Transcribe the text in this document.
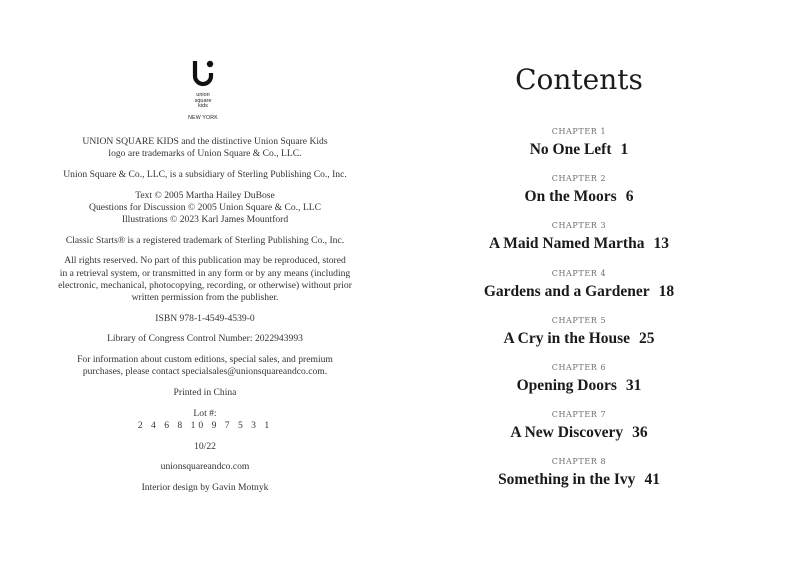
union
square
kids
NEW YORK

UNION SQUARE KIDS and the distinctive Union Square Kids
logo are trademarks of Union Square & Co., LLC.

Union Square & Co., LLC, is a subsidiary of Sterling Publishing Co., Inc.

Text © 2005 Martha Hailey DuBose
Questions for Discussion © 2005 Union Square & Co., LLC
Illustrations © 2023 Karl James Mountford

Classic Starts® is a registered trademark of Sterling Publishing Co., Inc.

All rights reserved. No part of this publication may be reproduced, stored
in a retrieval system, or transmitted in any form or by any means (including
electronic, mechanical, photocopying, recording, or otherwise) without prior
written permission from the publisher.

ISBN 978-1-4549-4539-0

Library of Congress Control Number: 2022943993

For information about custom editions, special sales, and premium
purchases, please contact specialsales@unionsquareandco.com.

Printed in China

Lot #:
2 4 6 8 10 9 7 5 3 1

10/22

unionsquareandco.com

Interior design by Gavin Motnyk

Contents
CHAPTER 1
No One Left 1
CHAPTER 2
On the Moors 6
CHAPTER 3
A Maid Named Martha 13
CHAPTER 4
Gardens and a Gardener 18
CHAPTER 5
A Cry in the House 25
CHAPTER 6
Opening Doors 31
CHAPTER 7
A New Discovery 36
CHAPTER 8
Something in the Ivy 41
